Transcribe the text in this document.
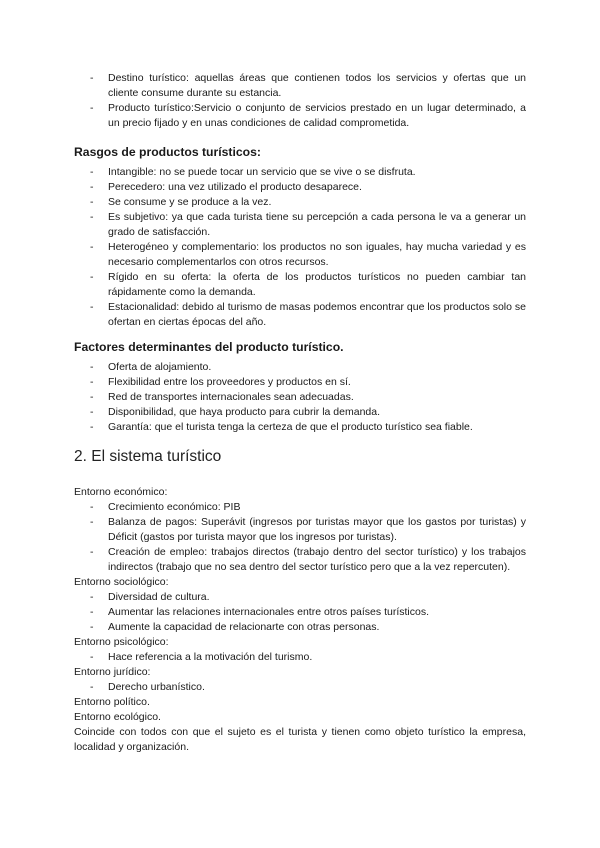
- Destino turístico: aquellas áreas que contienen todos los servicios y ofertas que un cliente consume durante su estancia.
- Producto turístico:Servicio o conjunto de servicios prestado en un lugar determinado, a un precio fijado y en unas condiciones de calidad comprometida.

Rasgos de productos turísticos:

- Intangible: no se puede tocar un servicio que se vive o se disfruta.
- Perecedero: una vez utilizado el producto desaparece.
- Se consume y se produce a la vez.
- Es subjetivo: ya que cada turista tiene su percepción a cada persona le va a generar un grado de satisfacción.
- Heterogéneo y complementario: los productos no son iguales, hay mucha variedad y es necesario complementarlos con otros recursos.
- Rígido en su oferta: la oferta de los productos turísticos no pueden cambiar tan rápidamente como la demanda.
- Estacionalidad: debido al turismo de masas podemos encontrar que los productos solo se ofertan en ciertas épocas del año.

Factores determinantes del producto turístico.

- Oferta de alojamiento.
- Flexibilidad entre los proveedores y productos en sí.
- Red de transportes internacionales sean adecuadas.
- Disponibilidad, que haya producto para cubrir la demanda.
- Garantía: que el turista tenga la certeza de que el producto turístico sea fiable.
2. El sistema turístico

Entorno económico:

- Crecimiento económico: PIB
- Balanza de pagos: Superávit (ingresos por turistas mayor que los gastos por turistas) y Déficit (gastos por turista mayor que los ingresos por turistas).
- Creación de empleo: trabajos directos (trabajo dentro del sector turístico) y los trabajos indirectos (trabajo que no sea dentro del sector turístico pero que a la vez repercuten).

Entorno sociológico:

- Diversidad de cultura.
- Aumentar las relaciones internacionales entre otros países turísticos.
- Aumente la capacidad de relacionarte con otras personas.

Entorno psicológico:

- Hace referencia a la motivación del turismo.

Entorno jurídico:

- Derecho urbanístico.

Entorno político.

Entorno ecológico.

Coincide con todos con que el sujeto es el turista y tienen como objeto turístico la empresa, localidad y organización.
